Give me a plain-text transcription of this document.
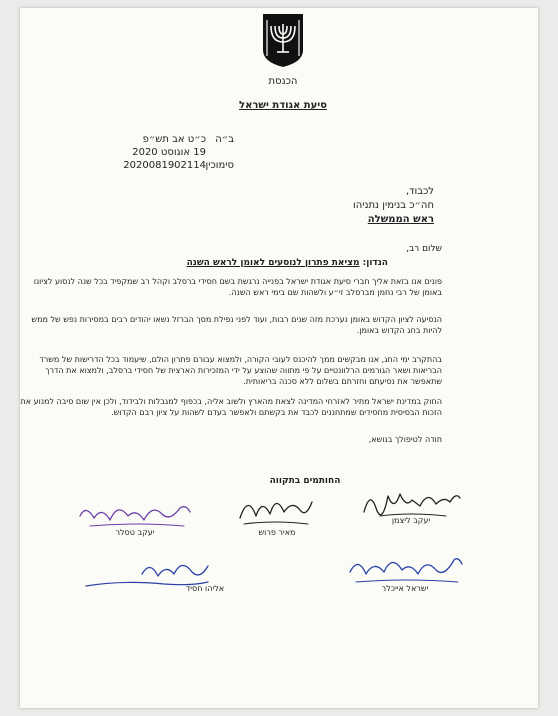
הכנסת
סיעת אגודת ישראל
ב״ה
סימוכין
כ״ט אב תש״פ
19 אוגוסט 2020
2020081902114
לכבוד,
חה״כ בנימין נתניהו
ראש הממשלה
שלום רב,
הנדון: מציאת פתרון לנוסעים לאומן לראש השנה
פונים אנו בזאת אליך חברי סיעת אגודת ישראל בפנייה נרגשת בשם חסידי ברסלב וקהל רב שמקפיד בכל שנה לנסוע לציונו באומן של רבי נחמן מברסלב זי״ע ולשהות שם בימי ראש השנה.
הנסיעה לציון הקדוש באומן נערכת מזה שנים רבות, ועוד לפני נפילת מסך הברזל נשאו יהודים רבים במסירות נפש של ממש להיות בחג הקדוש באומן.
בהתקרב ימי החג, אנו מבקשים ממך להיכנס לעובי הקורה, ולמצוא עבורם פתרון הולם, שיעמוד בכל הדרישות של משרד הבריאות ושאר הגורמים הרלוונטיים על פי מתווה שהוצע על ידי המזכירות הארצית של חסידי ברסלב, ולמצוא את הדרך שתאפשר את נסיעתם וחזרתם בשלום ללא סכנה בריאותית.
החוק במדינת ישראל מתיר לאזרחי המדינה לצאת מהארץ ולשוב אליה, בכפוף למגבלות ולבידוד, ולכן אין שום סיבה למנוע את הזכות הבסיסית מחסידים שמתחננים לכבד את בקשתם ולאפשר בעדם לשהות על ציון רבם הקדוש.
תודה לטיפולך בנושא,
החותמים בתקווה
יעקב ליצמן
מאיר פרוש
יעקב טסלר
ישראל אייכלר
אליהו חסיד
